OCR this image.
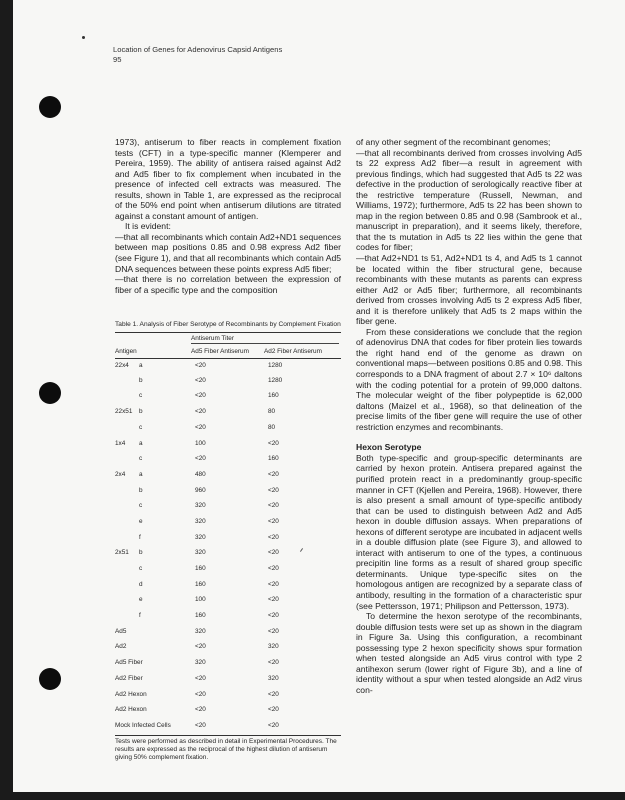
Location of Genes for Adenovirus Capsid Antigens
95

1973), antiserum to fiber reacts in complement fixation tests (CFT) in a type-specific manner (Klemperer and Pereira, 1959). The ability of antisera raised against Ad2 and Ad5 fiber to fix complement when incubated in the presence of infected cell extracts was measured. The results, shown in Table 1, are expressed as the reciprocal of the 50% end point when antiserum dilutions are titrated against a constant amount of antigen.

It is evident:

—that all recombinants which contain Ad2+ND1 sequences between map positions 0.85 and 0.98 express Ad2 fiber (see Figure 1), and that all recombinants which contain Ad5 DNA sequences between these points express Ad5 fiber;

—that there is no correlation between the expression of fiber of a specific type and the composition

Table 1. Analysis of Fiber Serotype of Recombinants by Complement Fixation

	Antiserum Titer	

Antigen	Ad5 Fiber Antiserum	Ad2 Fiber Antiserum
22x4 a	<20	1280
b	<20	1280
c	<20	160
22x51 b	<20	80
c	<20	80
1x4 a	100	<20
c	<20	160
2x4 a	480	<20
b	960	<20
c	320	<20
e	320	<20
f	320	<20
2x51 b	320	<20
c	160	<20
d	160	<20
e	100	<20
f	160	<20
Ad5	320	<20
Ad2	<20	320
Ad5 Fiber	320	<20
Ad2 Fiber	<20	320
Ad2 Hexon	<20	<20
Ad2 Hexon	<20	<20
Mock Infected Cells	<20	<20
Tests were performed as described in detail in Experimental Procedures. The results are expressed as the reciprocal of the highest dilution of antiserum giving 50% complement fixation.

of any other segment of the recombinant genomes;

—that all recombinants derived from crosses involving Ad5 ts 22 express Ad2 fiber—a result in agreement with previous findings, which had suggested that Ad5 ts 22 was defective in the production of serologically reactive fiber at the restrictive temperature (Russell, Newman, and Williams, 1972); furthermore, Ad5 ts 22 has been shown to map in the region between 0.85 and 0.98 (Sambrook et al., manuscript in preparation), and it seems likely, therefore, that the ts mutation in Ad5 ts 22 lies within the gene that codes for fiber;

—that Ad2+ND1 ts 51, Ad2+ND1 ts 4, and Ad5 ts 1 cannot be located within the fiber structural gene, because recombinants with these mutants as parents can express either Ad2 or Ad5 fiber; furthermore, all recombinants derived from crosses involving Ad5 ts 2 express Ad5 fiber, and it is therefore unlikely that Ad5 ts 2 maps within the fiber gene.

From these considerations we conclude that the region of adenovirus DNA that codes for fiber protein lies towards the right hand end of the genome as drawn on conventional maps—between positions 0.85 and 0.98. This corresponds to a DNA fragment of about 2.7 × 10⁶ daltons with the coding potential for a protein of 99,000 daltons. The molecular weight of the fiber polypeptide is 62,000 daltons (Maizel et al., 1968), so that delineation of the precise limits of the fiber gene will require the use of other restriction enzymes and recombinants.

Hexon Serotype

Both type-specific and group-specific determinants are carried by hexon protein. Antisera prepared against the purified protein react in a predominantly group-specific manner in CFT (Kjellen and Pereira, 1968). However, there is also present a small amount of type-specific antibody that can be used to distinguish between Ad2 and Ad5 hexon in double diffusion assays. When preparations of hexons of different serotype are incubated in adjacent wells in a double diffusion plate (see Figure 3), and allowed to interact with antiserum to one of the types, a continuous precipitin line forms as a result of shared group specific determinants. Unique type-specific sites on the homologous antigen are recognized by a separate class of antibody, resulting in the formation of a characteristic spur (see Pettersson, 1971; Philipson and Pettersson, 1973).

To determine the hexon serotype of the recombinants, double diffusion tests were set up as shown in the diagram in Figure 3a. Using this configuration, a recombinant possessing type 2 hexon specificity shows spur formation when tested alongside an Ad5 virus control with type 2 antihexon serum (lower right of Figure 3b), and a line of identity without a spur when tested alongside an Ad2 virus con-
